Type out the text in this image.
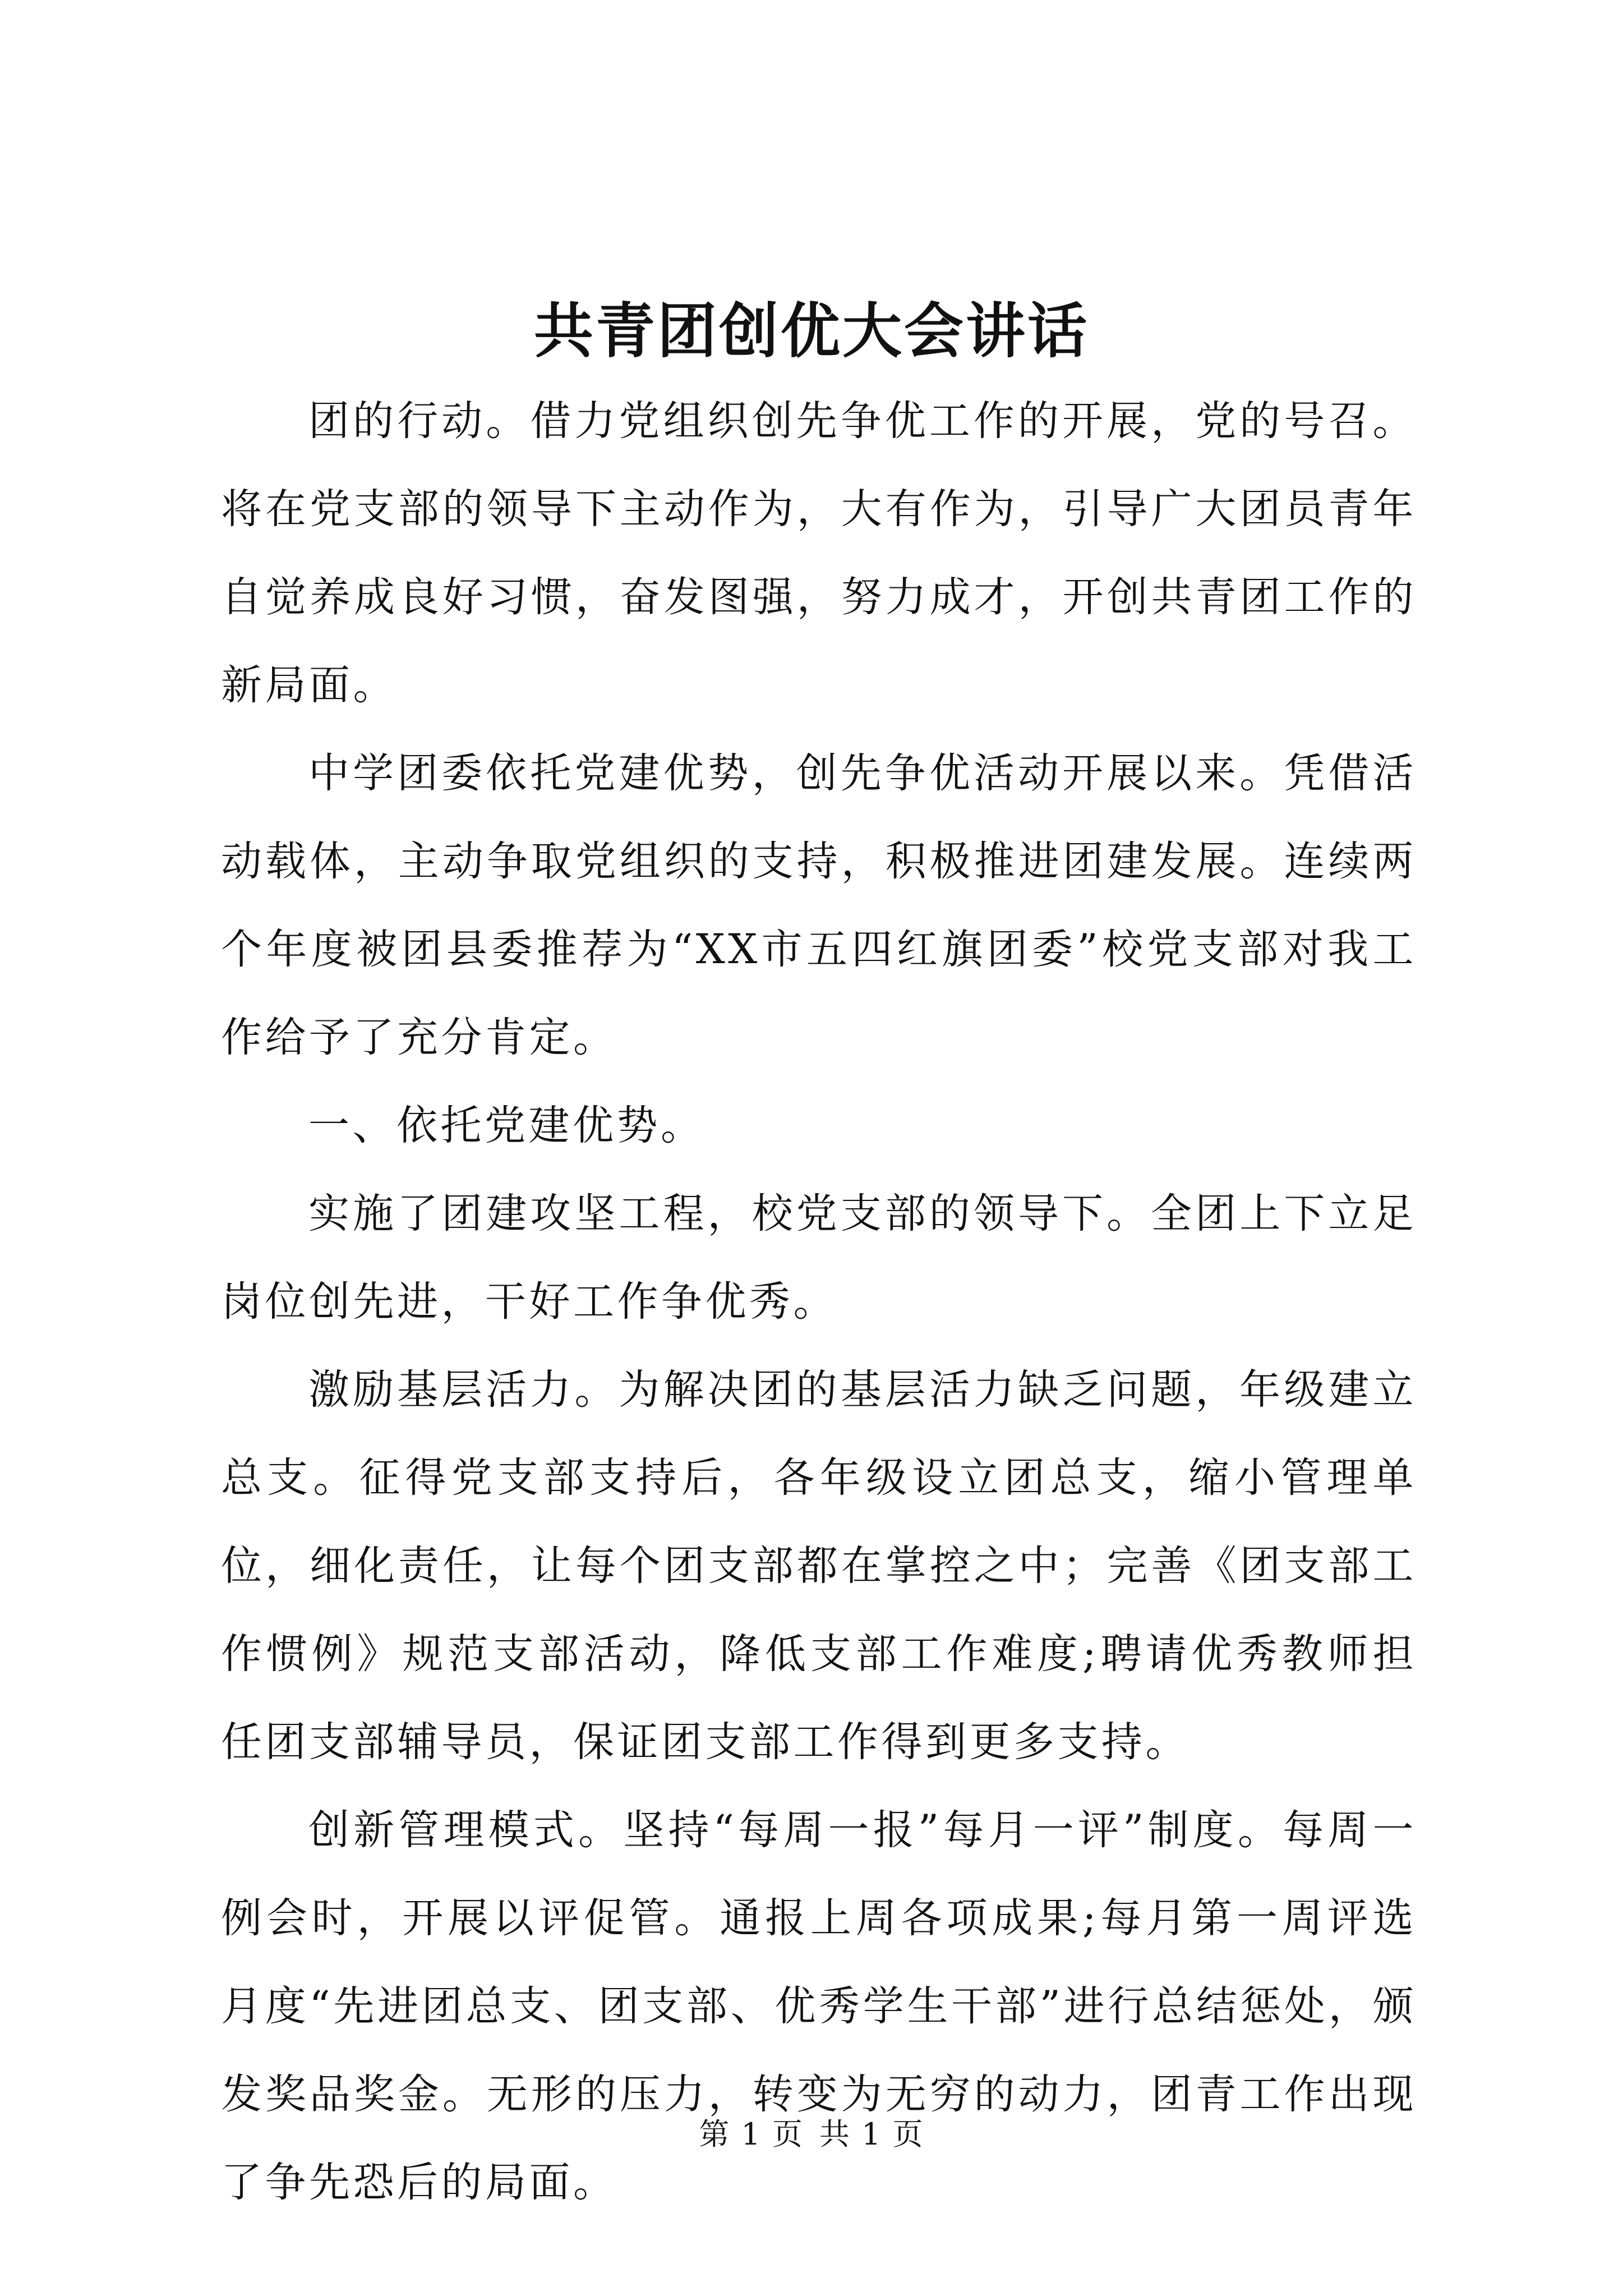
共青团创优大会讲话

团的行动。借力党组织创先争优工作的开展，党的号召。将在党支部的领导下主动作为，大有作为，引导广大团员青年自觉养成良好习惯，奋发图强，努力成才，开创共青团工作的新局面。

中学团委依托党建优势，创先争优活动开展以来。凭借活动载体，主动争取党组织的支持，积极推进团建发展。连续两个年度被团县委推荐为“XX市五四红旗团委”校党支部对我工作给予了充分肯定。

一、依托党建优势。

实施了团建攻坚工程，校党支部的领导下。全团上下立足岗位创先进，干好工作争优秀。

激励基层活力。为解决团的基层活力缺乏问题，年级建立总支。征得党支部支持后，各年级设立团总支，缩小管理单位，细化责任，让每个团支部都在掌控之中；完善《团支部工作惯例》规范支部活动，降低支部工作难度;聘请优秀教师担任团支部辅导员，保证团支部工作得到更多支持。

创新管理模式。坚持“每周一报”每月一评”制度。每周一例会时，开展以评促管。通报上周各项成果;每月第一周评选月度“先进团总支、团支部、优秀学生干部”进行总结惩处，颁发奖品奖金。无形的压力，转变为无穷的动力，团青工作出现了争先恐后的局面。

第 1 页 共 1 页
